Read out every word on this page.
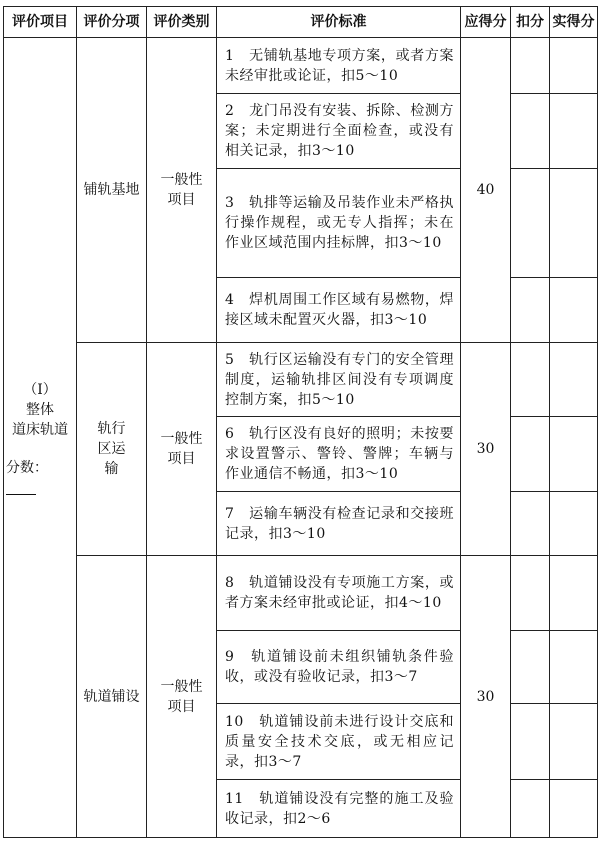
评价项目	评价分项	评价类别	评价标准	应得分	扣分	实得分

（Ⅰ）
整体
道床轨道
分数：	铺轨基地	一般性项目	1　无铺轨基地专项方案，或者方案未经审批或论证，扣5～10	40		
			2　龙门吊没有安装、拆除、检测方案；未定期进行全面检查，或没有相关记录，扣3～10			
			3　轨排等运输及吊装作业未严格执行操作规程，或无专人指挥；未在作业区域范围内挂标牌，扣3～10			
			4　焊机周围工作区域有易燃物，焊接区域未配置灭火器，扣3～10			
	轨行区运输	一般性项目	5　轨行区运输没有专门的安全管理制度，运输轨排区间没有专项调度控制方案，扣5～10	30		
			6　轨行区没有良好的照明；未按要求设置警示、警铃、警牌；车辆与作业通信不畅通，扣3～10			
			7　运输车辆没有检查记录和交接班记录，扣3～10			
	轨道铺设	一般性项目	8　轨道铺设没有专项施工方案，或者方案未经审批或论证，扣4～10	30		
			9　轨道铺设前未组织铺轨条件验收，或没有验收记录，扣3～7			
			10　轨道铺设前未进行设计交底和质量安全技术交底，或无相应记录，扣3～7			
			11　轨道铺设没有完整的施工及验收记录，扣2～6			
